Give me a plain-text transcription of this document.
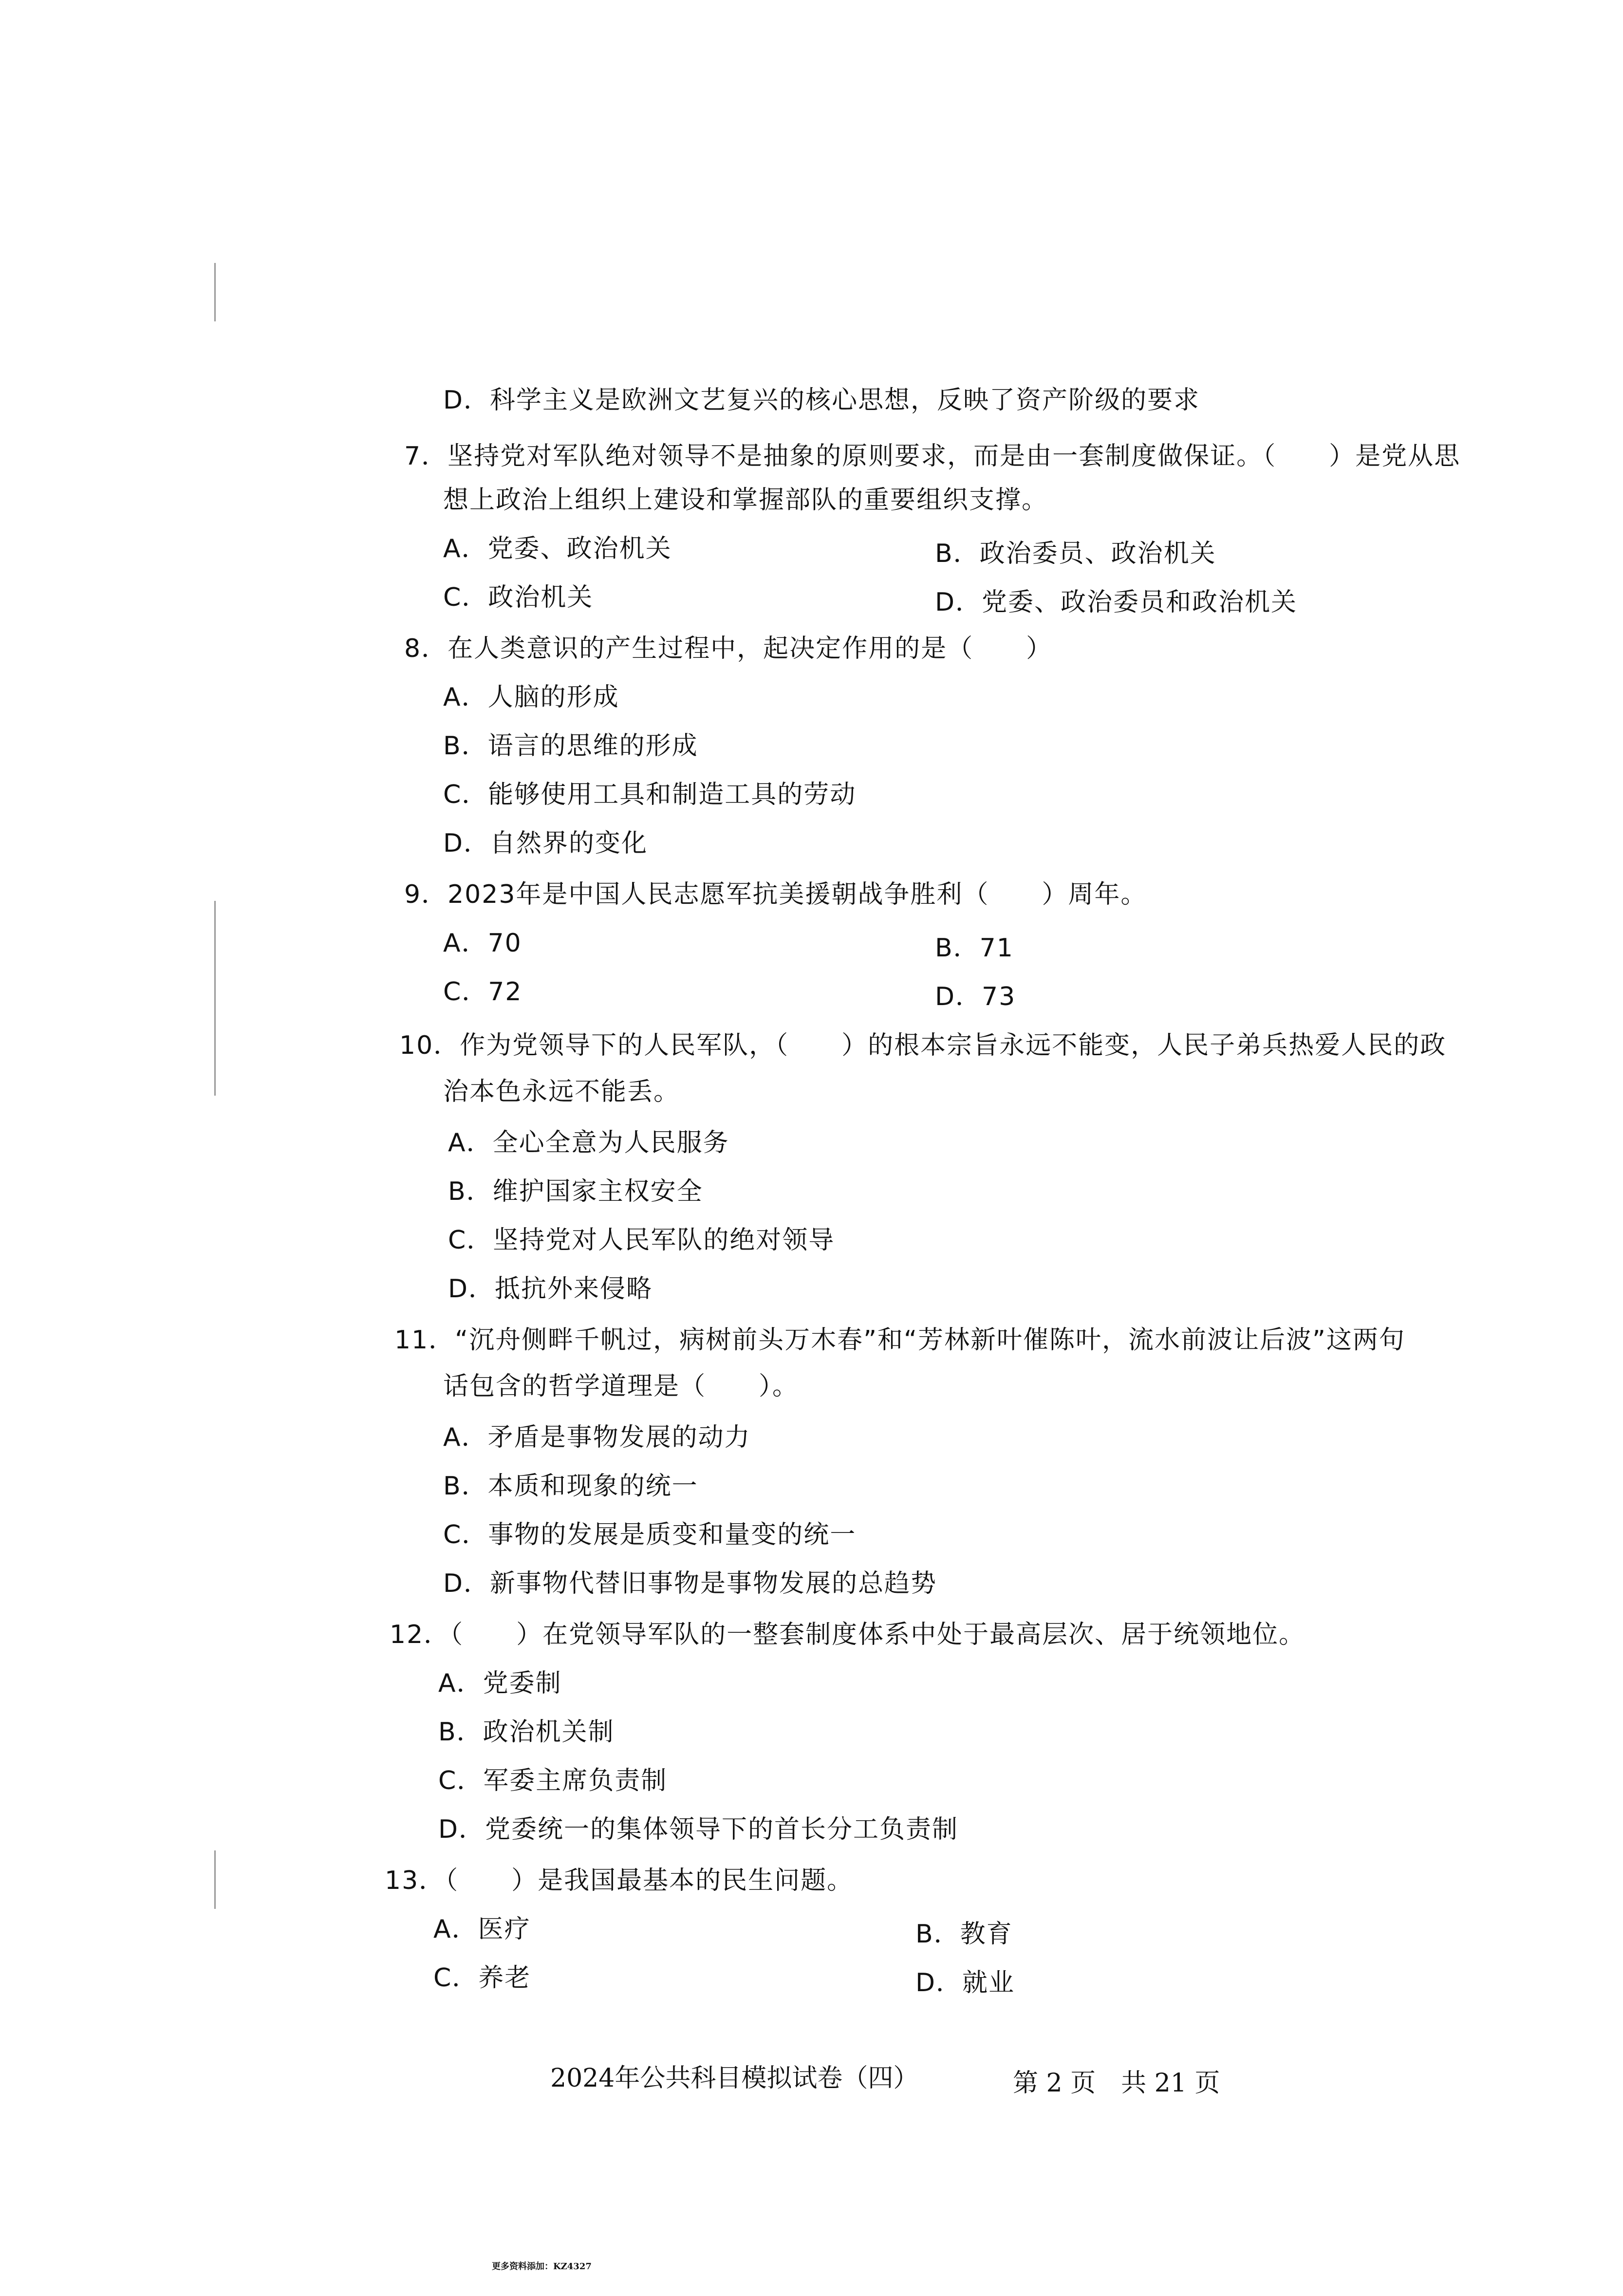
D．科学主义是欧洲文艺复兴的核心思想，反映了资产阶级的要求
7．坚持党对军队绝对领导不是抽象的原则要求，而是由一套制度做保证。（　　）是党从思
想上政治上组织上建设和掌握部队的重要组织支撑。
A．党委、政治机关	B．政治委员、政治机关
C．政治机关	D．党委、政治委员和政治机关
8．在人类意识的产生过程中，起决定作用的是（　　）
A．人脑的形成
B．语言的思维的形成
C．能够使用工具和制造工具的劳动
D．自然界的变化
9．2023年是中国人民志愿军抗美援朝战争胜利（　　）周年。
A．70	B．71
C．72	D．73
10．作为党领导下的人民军队，（　　）的根本宗旨永远不能变，人民子弟兵热爱人民的政
治本色永远不能丢。
A．全心全意为人民服务
B．维护国家主权安全
C．坚持党对人民军队的绝对领导
D．抵抗外来侵略
11．“沉舟侧畔千帆过，病树前头万木春”和“芳林新叶催陈叶，流水前波让后波”这两句
话包含的哲学道理是（　　）。
A．矛盾是事物发展的动力
B．本质和现象的统一
C．事物的发展是质变和量变的统一
D．新事物代替旧事物是事物发展的总趋势
12．（　　）在党领导军队的一整套制度体系中处于最高层次、居于统领地位。
A．党委制
B．政治机关制
C．军委主席负责制
D．党委统一的集体领导下的首长分工负责制
13．（　　）是我国最基本的民生问题。
A．医疗	B．教育
C．养老	D．就业
2024年公共科目模拟试卷（四）	第 2 页　共 21 页
更多资料添加：KZ4327
